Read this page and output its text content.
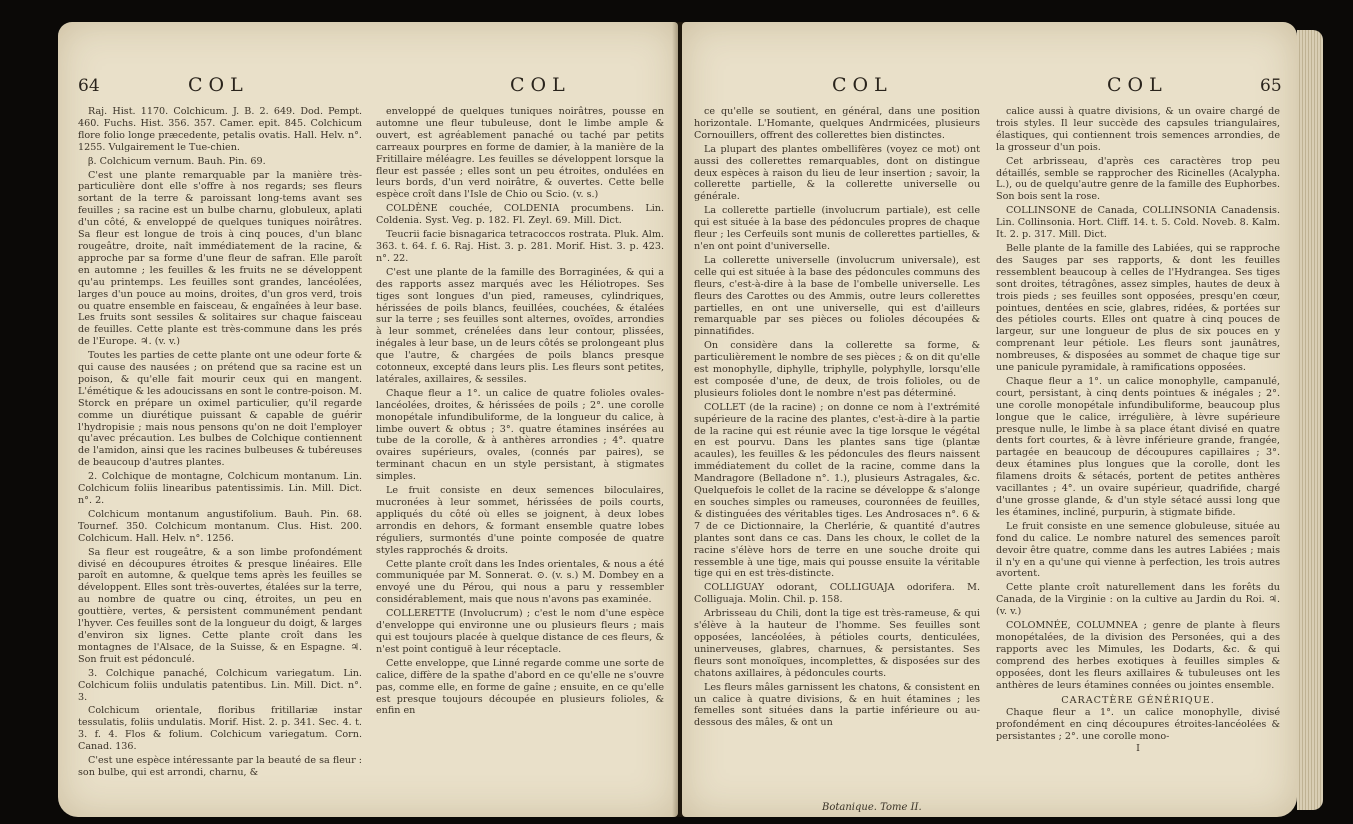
64	COL	COL

Raj. Hist. 1170. Colchicum. J. B. 2. 649. Dod. Pempt. 460. Fuchs. Hist. 356. 357. Camer. epit. 845. Colchicum flore folio longe præcedente, petalis ovatis. Hall. Helv. n°. 1255. Vulgairement le Tue-chien.

β. Colchicum vernum. Bauh. Pin. 69.

C'est une plante remarquable par la manière très-particulière dont elle s'offre à nos regards; ses fleurs sortant de la terre & paroissant long-tems avant ses feuilles ; sa racine est un bulbe charnu, globuleux, aplati d'un côté, & enveloppé de quelques tuniques noirâtres. Sa fleur est longue de trois à cinq pouces, d'un blanc rougeâtre, droite, naît immédiatement de la racine, & approche par sa forme d'une fleur de safran. Elle paroît en automne ; les feuilles & les fruits ne se développent qu'au printemps. Les feuilles sont grandes, lancéolées, larges d'un pouce au moins, droites, d'un gros verd, trois ou quatre ensemble en faisceau, & engaînées à leur base. Les fruits sont sessiles & solitaires sur chaque faisceau de feuilles. Cette plante est très-commune dans les prés de l'Europe. ♃. (v. v.)

Toutes les parties de cette plante ont une odeur forte & qui cause des nausées ; on prétend que sa racine est un poison, & qu'elle fait mourir ceux qui en mangent. L'émétique & les adoucissans en sont le contre-poison. M. Storck en prépare un oximel particulier, qu'il regarde comme un diurétique puissant & capable de guérir l'hydropisie ; mais nous pensons qu'on ne doit l'employer qu'avec précaution. Les bulbes de Colchique contiennent de l'amidon, ainsi que les racines bulbeuses & tubéreuses de beaucoup d'autres plantes.

2. Colchique de montagne, Colchicum montanum. Lin. Colchicum foliis linearibus patentissimis. Lin. Mill. Dict. n°. 2.

Colchicum montanum angustifolium. Bauh. Pin. 68. Tournef. 350. Colchicum montanum. Clus. Hist. 200. Colchicum. Hall. Helv. n°. 1256.

Sa fleur est rougeâtre, & a son limbe profondément divisé en découpures étroites & presque linéaires. Elle paroît en automne, & quelque tems après les feuilles se développent. Elles sont très-ouvertes, étalées sur la terre, au nombre de quatre ou cinq, étroites, un peu en gouttière, vertes, & persistent communément pendant l'hyver. Ces feuilles sont de la longueur du doigt, & larges d'environ six lignes. Cette plante croît dans les montagnes de l'Alsace, de la Suisse, & en Espagne. ♃. Son fruit est pédonculé.

3. Colchique panaché, Colchicum variegatum. Lin. Colchicum foliis undulatis patentibus. Lin. Mill. Dict. n°. 3.

Colchicum orientale, floribus fritillariæ instar tessulatis, foliis undulatis. Morif. Hist. 2. p. 341. Sec. 4. t. 3. f. 4. Flos & folium. Colchicum variegatum. Corn. Canad. 136.

C'est une espèce intéressante par la beauté de sa fleur : son bulbe, qui est arrondi, charnu, &

enveloppé de quelques tuniques noirâtres, pousse en automne une fleur tubuleuse, dont le limbe ample & ouvert, est agréablement panaché ou taché par petits carreaux pourpres en forme de damier, à la manière de la Fritillaire méléagre. Les feuilles se développent lorsque la fleur est passée ; elles sont un peu étroites, ondulées en leurs bords, d'un verd noirâtre, & ouvertes. Cette belle espèce croît dans l'Isle de Chio ou Scio. (v. s.)

COLDÈNE couchée, COLDENIA procumbens. Lin. Coldenia. Syst. Veg. p. 182. Fl. Zeyl. 69. Mill. Dict.

Teucrii facie bisnagarica tetracoccos rostrata. Pluk. Alm. 363. t. 64. f. 6. Raj. Hist. 3. p. 281. Morif. Hist. 3. p. 423. n°. 22.

C'est une plante de la famille des Borraginées, & qui a des rapports assez marqués avec les Héliotropes. Ses tiges sont longues d'un pied, rameuses, cylindriques, hérissées de poils blancs, feuillées, couchées, & étalées sur la terre ; ses feuilles sont alternes, ovoïdes, arrondies à leur sommet, crénelées dans leur contour, plissées, inégales à leur base, un de leurs côtés se prolongeant plus que l'autre, & chargées de poils blancs presque cotonneux, excepté dans leurs plis. Les fleurs sont petites, latérales, axillaires, & sessiles.

Chaque fleur a 1°. un calice de quatre folioles ovales-lancéolées, droites, & hérissées de poils ; 2°. une corolle monopétale infundibuliforme, de la longueur du calice, à limbe ouvert & obtus ; 3°. quatre étamines insérées au tube de la corolle, & à anthères arrondies ; 4°. quatre ovaires supérieurs, ovales, (connés par paires), se terminant chacun en un style persistant, à stigmates simples.

Le fruit consiste en deux semences biloculaires, mucronées à leur sommet, hérissées de poils courts, appliqués du côté où elles se joignent, à deux lobes arrondis en dehors, & formant ensemble quatre lobes réguliers, surmontés d'une pointe composée de quatre styles rapprochés & droits.

Cette plante croît dans les Indes orientales, & nous a été communiquée par M. Sonnerat. ⊙. (v. s.) M. Dombey en a envoyé une du Pérou, qui nous a paru y ressembler considérablement, mais que nous n'avons pas examinée.

COLLERETTE (Involucrum) ; c'est le nom d'une espèce d'enveloppe qui environne une ou plusieurs fleurs ; mais qui est toujours placée à quelque distance de ces fleurs, & n'est point contiguë à leur réceptacle.

Cette enveloppe, que Linné regarde comme une sorte de calice, diffère de la spathe d'abord en ce qu'elle ne s'ouvre pas, comme elle, en forme de gaîne ; ensuite, en ce qu'elle est presque toujours découpée en plusieurs folioles, & enfin en

COL	COL	65

ce qu'elle se soutient, en général, dans une position horizontale. L'Homante, quelques Andrmicées, plusieurs Cornouillers, offrent des collerettes bien distinctes.

La plupart des plantes ombellifères (voyez ce mot) ont aussi des collerettes remarquables, dont on distingue deux espèces à raison du lieu de leur insertion ; savoir, la collerette partielle, & la collerette universelle ou générale.

La collerette partielle (involucrum partiale), est celle qui est située à la base des pédoncules propres de chaque fleur ; les Cerfeuils sont munis de collerettes partielles, & n'en ont point d'universelle.

La collerette universelle (involucrum universale), est celle qui est située à la base des pédoncules communs des fleurs, c'est-à-dire à la base de l'ombelle universelle. Les fleurs des Carottes ou des Ammis, outre leurs collerettes partielles, en ont une universelle, qui est d'ailleurs remarquable par ses pièces ou folioles découpées & pinnatifides.

On considère dans la collerette sa forme, & particulièrement le nombre de ses pièces ; & on dit qu'elle est monophylle, diphylle, triphylle, polyphylle, lorsqu'elle est composée d'une, de deux, de trois folioles, ou de plusieurs folioles dont le nombre n'est pas déterminé.

COLLET (de la racine) ; on donne ce nom à l'extrémité supérieure de la racine des plantes, c'est-à-dire à la partie de la racine qui est réunie avec la tige lorsque le végétal en est pourvu. Dans les plantes sans tige (plantæ acaules), les feuilles & les pédoncules des fleurs naissent immédiatement du collet de la racine, comme dans la Mandragore (Belladone n°. 1.), plusieurs Astragales, &c. Quelquefois le collet de la racine se développe & s'alonge en souches simples ou rameuses, couronnées de feuilles, & distinguées des véritables tiges. Les Androsaces n°. 6 & 7 de ce Dictionnaire, la Cherlérie, & quantité d'autres plantes sont dans ce cas. Dans les choux, le collet de la racine s'élève hors de terre en une souche droite qui ressemble à une tige, mais qui pousse ensuite la véritable tige qui en est très-distincte.

COLLIGUAY odorant, COLLIGUAJA odorifera. M. Colliguaja. Molin. Chil. p. 158.

Arbrisseau du Chili, dont la tige est très-rameuse, & qui s'élève à la hauteur de l'homme. Ses feuilles sont opposées, lancéolées, à pétioles courts, denticulées, uninerveuses, glabres, charnues, & persistantes. Ses fleurs sont monoïques, incomplettes, & disposées sur des chatons axillaires, à pédoncules courts.

Les fleurs mâles garnissent les chatons, & consistent en un calice à quatre divisions, & en huit étamines ; les femelles sont situées dans la partie inférieure ou au-dessous des mâles, & ont un

calice aussi à quatre divisions, & un ovaire chargé de trois styles. Il leur succède des capsules triangulaires, élastiques, qui contiennent trois semences arrondies, de la grosseur d'un pois.

Cet arbrisseau, d'après ces caractères trop peu détaillés, semble se rapprocher des Ricinelles (Acalypha. L.), ou de quelqu'autre genre de la famille des Euphorbes. Son bois sent la rose.

COLLINSONE de Canada, COLLINSONIA Canadensis. Lin. Collinsonia. Hort. Cliff. 14. t. 5. Cold. Noveb. 8. Kalm. It. 2. p. 317. Mill. Dict.

Belle plante de la famille des Labiées, qui se rapproche des Sauges par ses rapports, & dont les feuilles ressemblent beaucoup à celles de l'Hydrangea. Ses tiges sont droites, tétragônes, assez simples, hautes de deux à trois pieds ; ses feuilles sont opposées, presqu'en cœur, pointues, dentées en scie, glabres, ridées, & portées sur des pétioles courts. Elles ont quatre à cinq pouces de largeur, sur une longueur de plus de six pouces en y comprenant leur pétiole. Les fleurs sont jaunâtres, nombreuses, & disposées au sommet de chaque tige sur une panicule pyramidale, à ramifications opposées.

Chaque fleur a 1°. un calice monophylle, campanulé, court, persistant, à cinq dents pointues & inégales ; 2°. une corolle monopétale infundibuliforme, beaucoup plus longue que le calice, irrégulière, à lèvre supérieure presque nulle, le limbe à sa place étant divisé en quatre dents fort courtes, & à lèvre inférieure grande, frangée, partagée en beaucoup de découpures capillaires ; 3°. deux étamines plus longues que la corolle, dont les filamens droits & sétacés, portent de petites anthères vacillantes ; 4°. un ovaire supérieur, quadrifide, chargé d'une grosse glande, & d'un style sétacé aussi long que les étamines, incliné, purpurin, à stigmate bifide.

Le fruit consiste en une semence globuleuse, située au fond du calice. Le nombre naturel des semences paroît devoir être quatre, comme dans les autres Labiées ; mais il n'y en a qu'une qui vienne à perfection, les trois autres avortent.

Cette plante croît naturellement dans les forêts du Canada, de la Virginie : on la cultive au Jardin du Roi. ♃. (v. v.)

COLOMNÉE, COLUMNEA ; genre de plante à fleurs monopétalées, de la division des Personées, qui a des rapports avec les Mimules, les Dodarts, &c. & qui comprend des herbes exotiques à feuilles simples & opposées, dont les fleurs axillaires & tubuleuses ont les anthères de leurs étamines connées ou jointes ensemble.

CARACTÈRE GÉNÉRIQUE.

Chaque fleur a 1°. un calice monophylle, divisé profondément en cinq découpures étroites-lancéolées & persistantes ; 2°. une corolle mono-

I

Botanique. Tome II.
